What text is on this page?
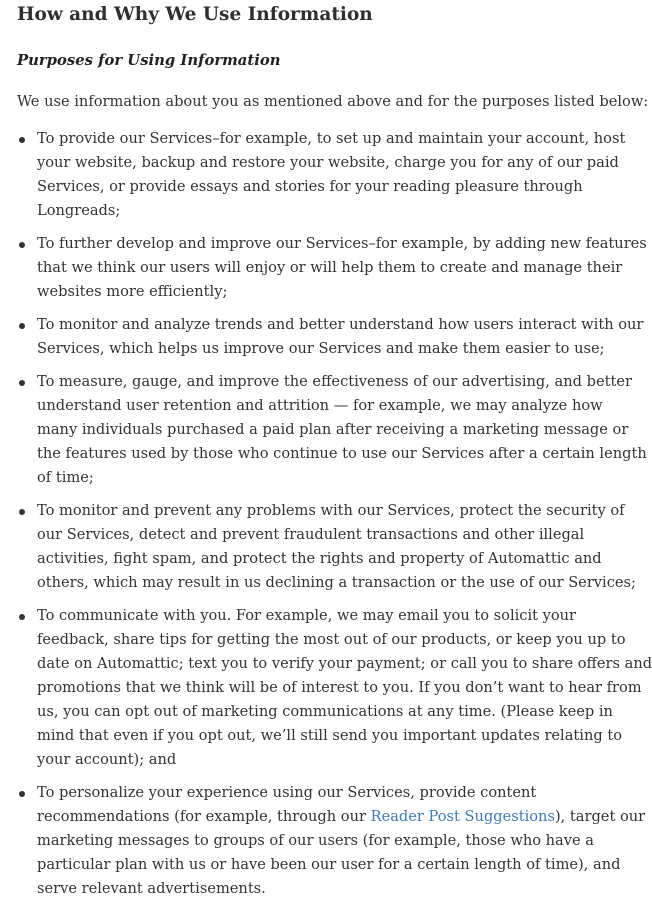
How and Why We Use Information
Purposes for Using Information

We use information about you as mentioned above and for the purposes listed below:

To provide our Services–for example, to set up and maintain your account, host
your website, backup and restore your website, charge you for any of our paid
Services, or provide essays and stories for your reading pleasure through
Longreads;
To further develop and improve our Services–for example, by adding new features
that we think our users will enjoy or will help them to create and manage their
websites more efficiently;
To monitor and analyze trends and better understand how users interact with our
Services, which helps us improve our Services and make them easier to use;
To measure, gauge, and improve the effectiveness of our advertising, and better
understand user retention and attrition — for example, we may analyze how
many individuals purchased a paid plan after receiving a marketing message or
the features used by those who continue to use our Services after a certain length
of time;
To monitor and prevent any problems with our Services, protect the security of
our Services, detect and prevent fraudulent transactions and other illegal
activities, fight spam, and protect the rights and property of Automattic and
others, which may result in us declining a transaction or the use of our Services;
To communicate with you. For example, we may email you to solicit your
feedback, share tips for getting the most out of our products, or keep you up to
date on Automattic; text you to verify your payment; or call you to share offers and
promotions that we think will be of interest to you. If you don’t want to hear from
us, you can opt out of marketing communications at any time. (Please keep in
mind that even if you opt out, we’ll still send you important updates relating to
your account); and
To personalize your experience using our Services, provide content
recommendations (for example, through our Reader Post Suggestions), target our
marketing messages to groups of our users (for example, those who have a
particular plan with us or have been our user for a certain length of time), and
serve relevant advertisements.
